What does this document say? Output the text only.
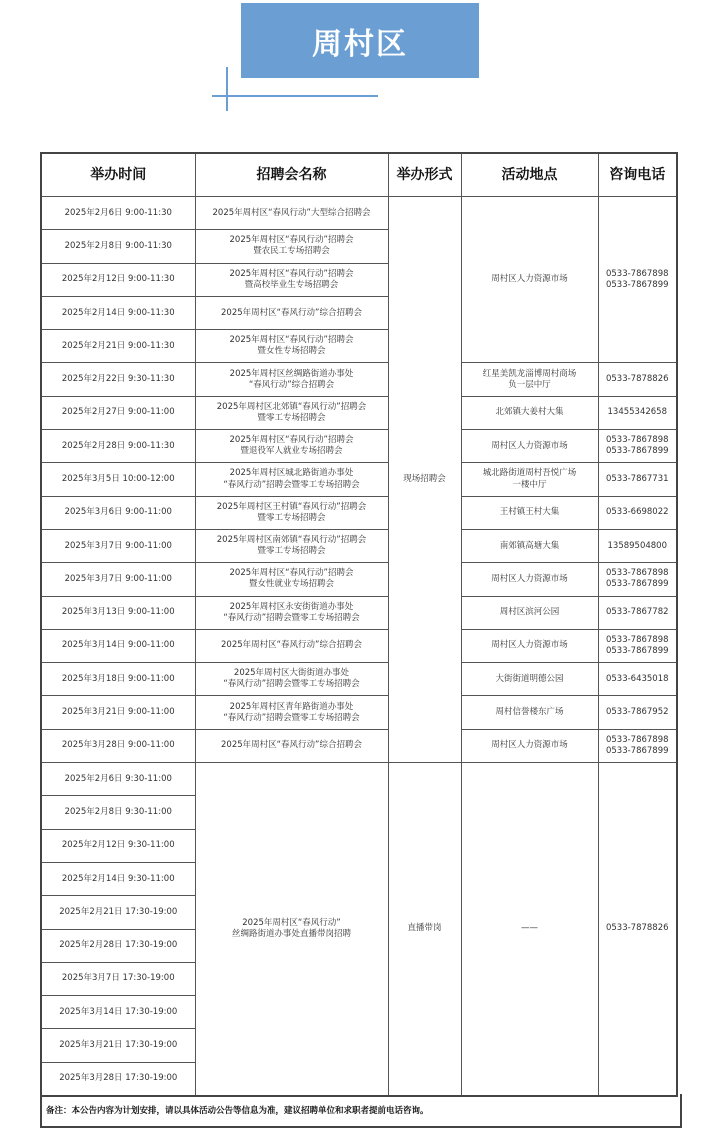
周村区
举办时间	招聘会名称	举办形式	活动地点	咨询电话
2025年2月6日 9:00-11:30	2025年周村区“春风行动”大型综合招聘会	现场招聘会	周村区人力资源市场	0533-7867898
0533-7867899
2025年2月8日 9:00-11:30	2025年周村区“春风行动”招聘会
暨农民工专场招聘会			
2025年2月12日 9:00-11:30	2025年周村区“春风行动”招聘会
暨高校毕业生专场招聘会			
2025年2月14日 9:00-11:30	2025年周村区“春风行动”综合招聘会			
2025年2月21日 9:00-11:30	2025年周村区“春风行动”招聘会
暨女性专场招聘会			
2025年2月22日 9:30-11:30	2025年周村区丝绸路街道办事处
“春风行动”综合招聘会		红星美凯龙淄博周村商场
负一层中厅	0533-7878826
2025年2月27日 9:00-11:00	2025年周村区北郊镇“春风行动”招聘会
暨零工专场招聘会		北郊镇大姜村大集	13455342658
2025年2月28日 9:00-11:30	2025年周村区“春风行动”招聘会
暨退役军人就业专场招聘会		周村区人力资源市场	0533-7867898
0533-7867899
2025年3月5日 10:00-12:00	2025年周村区城北路街道办事处
“春风行动”招聘会暨零工专场招聘会		城北路街道周村吾悦广场
一楼中厅	0533-7867731
2025年3月6日 9:00-11:00	2025年周村区王村镇“春风行动”招聘会
暨零工专场招聘会		王村镇王村大集	0533-6698022
2025年3月7日 9:00-11:00	2025年周村区南郊镇“春风行动”招聘会
暨零工专场招聘会		南郊镇高塘大集	13589504800
2025年3月7日 9:00-11:00	2025年周村区“春风行动”招聘会
暨女性就业专场招聘会		周村区人力资源市场	0533-7867898
0533-7867899
2025年3月13日 9:00-11:00	2025年周村区永安街街道办事处
“春风行动”招聘会暨零工专场招聘会		周村区滨河公园	0533-7867782
2025年3月14日 9:00-11:00	2025年周村区“春风行动”综合招聘会		周村区人力资源市场	0533-7867898
0533-7867899
2025年3月18日 9:00-11:00	2025年周村区大街街道办事处
“春风行动”招聘会暨零工专场招聘会		大街街道明德公园	0533-6435018
2025年3月21日 9:00-11:00	2025年周村区青年路街道办事处
“春风行动”招聘会暨零工专场招聘会		周村信誉楼东广场	0533-7867952
2025年3月28日 9:00-11:00	2025年周村区“春风行动”综合招聘会		周村区人力资源市场	0533-7867898
0533-7867899
2025年2月6日 9:30-11:00	2025年周村区“春风行动”
丝绸路街道办事处直播带岗招聘	直播带岗	——	0533-7878826
2025年2月8日 9:30-11:00				
2025年2月12日 9:30-11:00				
2025年2月14日 9:30-11:00				
2025年2月21日 17:30-19:00				
2025年2月28日 17:30-19:00				
2025年3月7日 17:30-19:00				
2025年3月14日 17:30-19:00				
2025年3月21日 17:30-19:00				
2025年3月28日 17:30-19:00				
备注：本公告内容为计划安排，请以具体活动公告等信息为准，建议招聘单位和求职者提前电话咨询。
